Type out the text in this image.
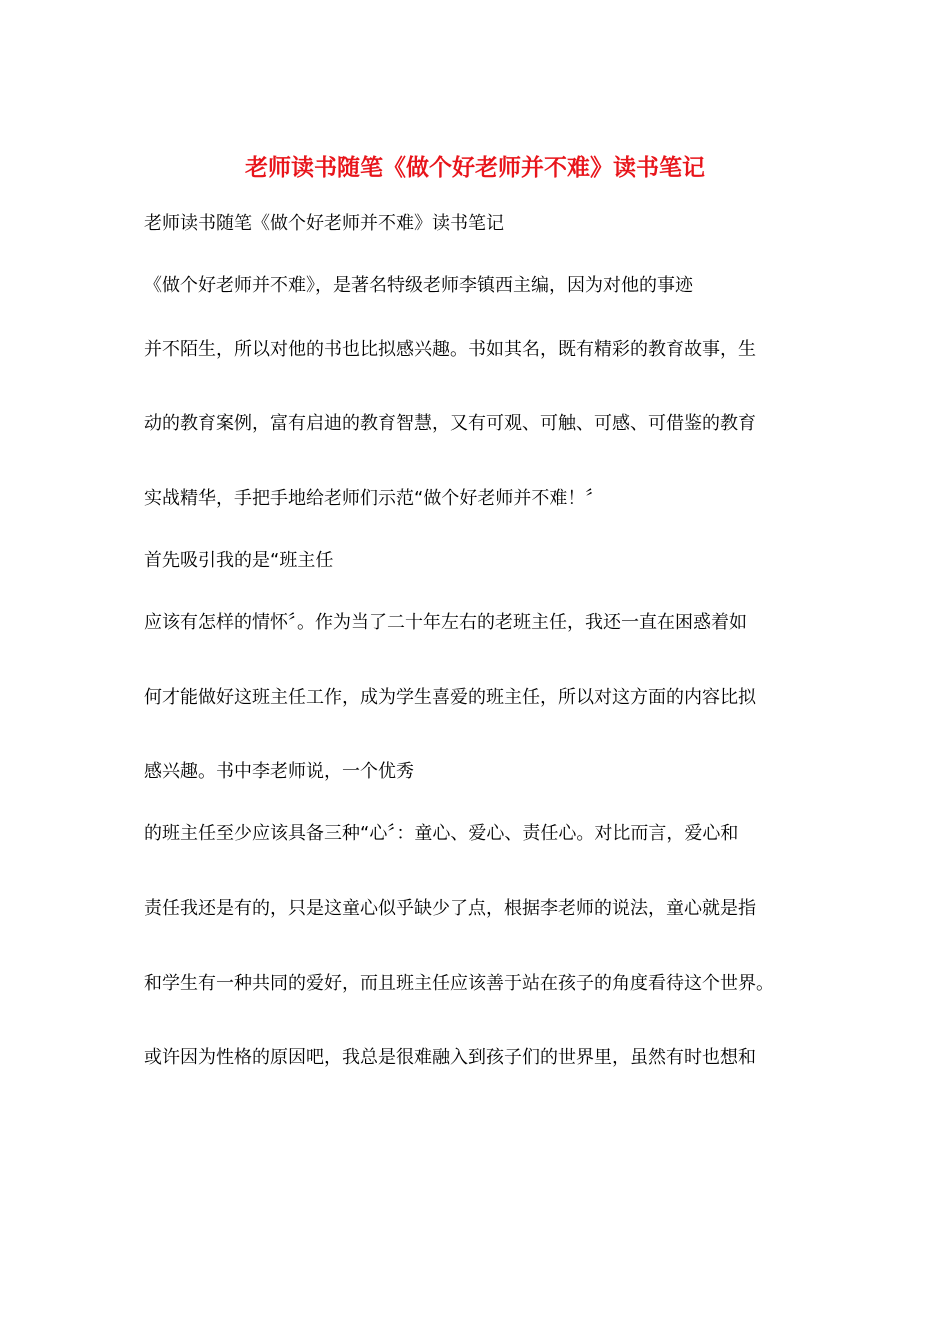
老师读书随笔《做个好老师并不难》读书笔记
老师读书随笔《做个好老师并不难》读书笔记
《做个好老师并不难》，是著名特级老师李镇西主编，因为对他的事迹
并不陌生，所以对他的书也比拟感兴趣。书如其名，既有精彩的教育故事，生
动的教育案例，富有启迪的教育智慧，又有可观、可触、可感、可借鉴的教育
实战精华，手把手地给老师们示范“做个好老师并不难！〞
首先吸引我的是“班主任
应该有怎样的情怀〞。作为当了二十年左右的老班主任，我还一直在困惑着如
何才能做好这班主任工作，成为学生喜爱的班主任，所以对这方面的内容比拟
感兴趣。书中李老师说，一个优秀
的班主任至少应该具备三种“心〞：童心、爱心、责任心。对比而言，爱心和
责任我还是有的，只是这童心似乎缺少了点，根据李老师的说法，童心就是指
和学生有一种共同的爱好，而且班主任应该善于站在孩子的角度看待这个世界。
或许因为性格的原因吧，我总是很难融入到孩子们的世界里，虽然有时也想和
